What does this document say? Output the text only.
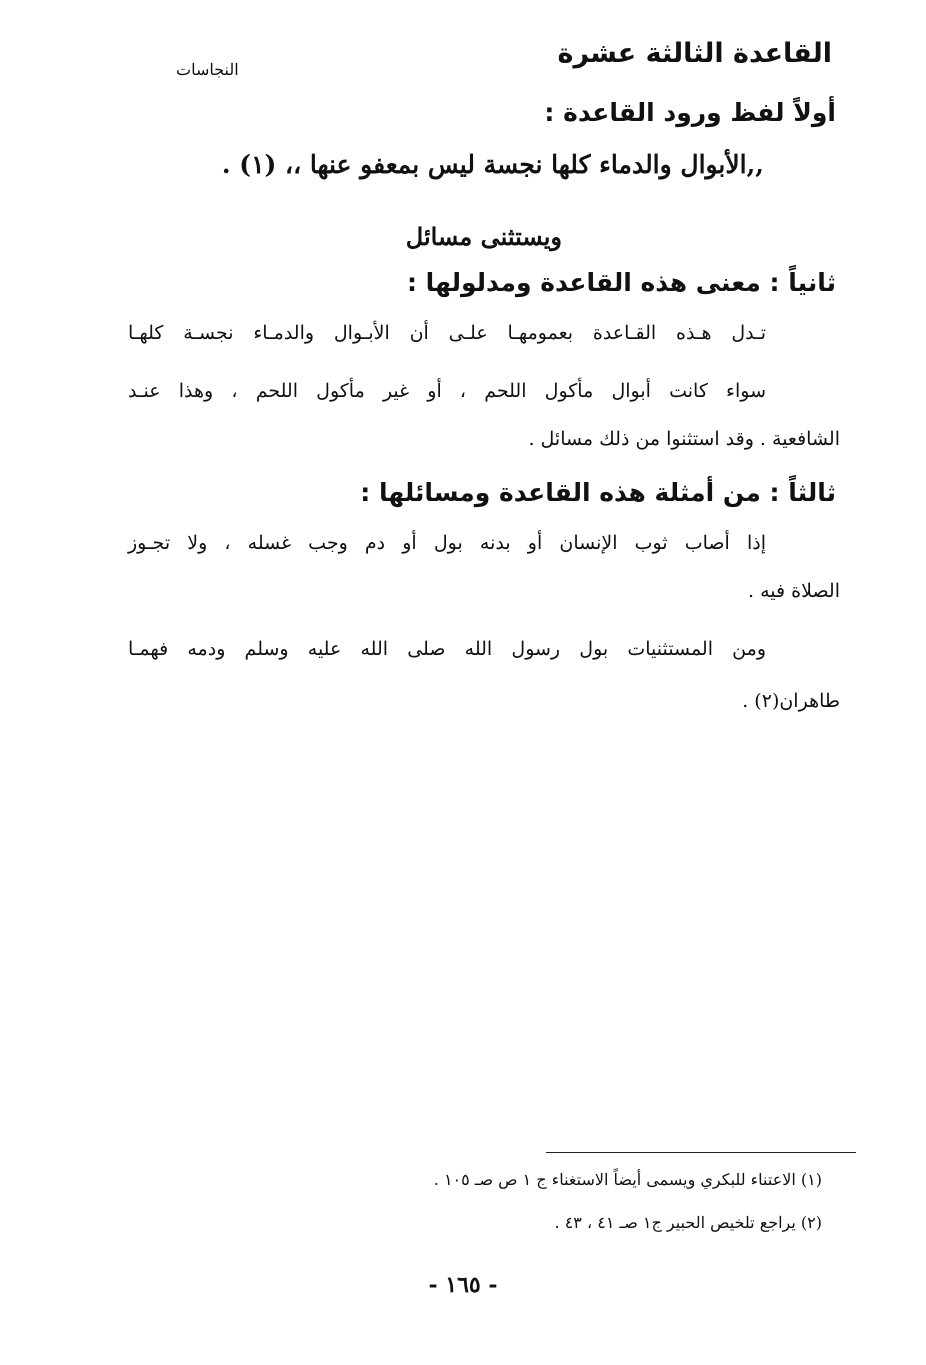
القاعدة الثالثة عشرة
النجاسات
أولاً لفظ ورود القاعدة :
,,الأبوال والدماء كلها نجسة ليس بمعفو عنها ،، (١) .
ويستثنى مسائل
ثانياً : معنى هذه القاعدة ومدلولها :
تـدل هـذه القـاعدة بعمومهـا علـى أن الأبـوال والدمـاء نجسـة كلهـا
سواء كانت أبوال مأكول اللحم ، أو غير مأكول اللحم ، وهذا عنـد
الشافعية . وقد استثنوا من ذلك مسائل .
ثالثاً : من أمثلة هذه القاعدة ومسائلها :
إذا أصاب ثوب الإنسان أو بدنه بول أو دم وجب غسله ، ولا تجـوز
الصلاة فيه .
ومن المستثنيات بول رسول الله صلى الله عليه وسلم ودمه فهمـا
طاهران(٢) .
(١) الاعتناء للبكري ويسمى أيضاً الاستغناء ج ١ ص صـ ١٠٥ .
(٢) يراجع تلخيص الحبير ج١ صـ ٤١ ، ٤٣ .
- ١٦٥ -
